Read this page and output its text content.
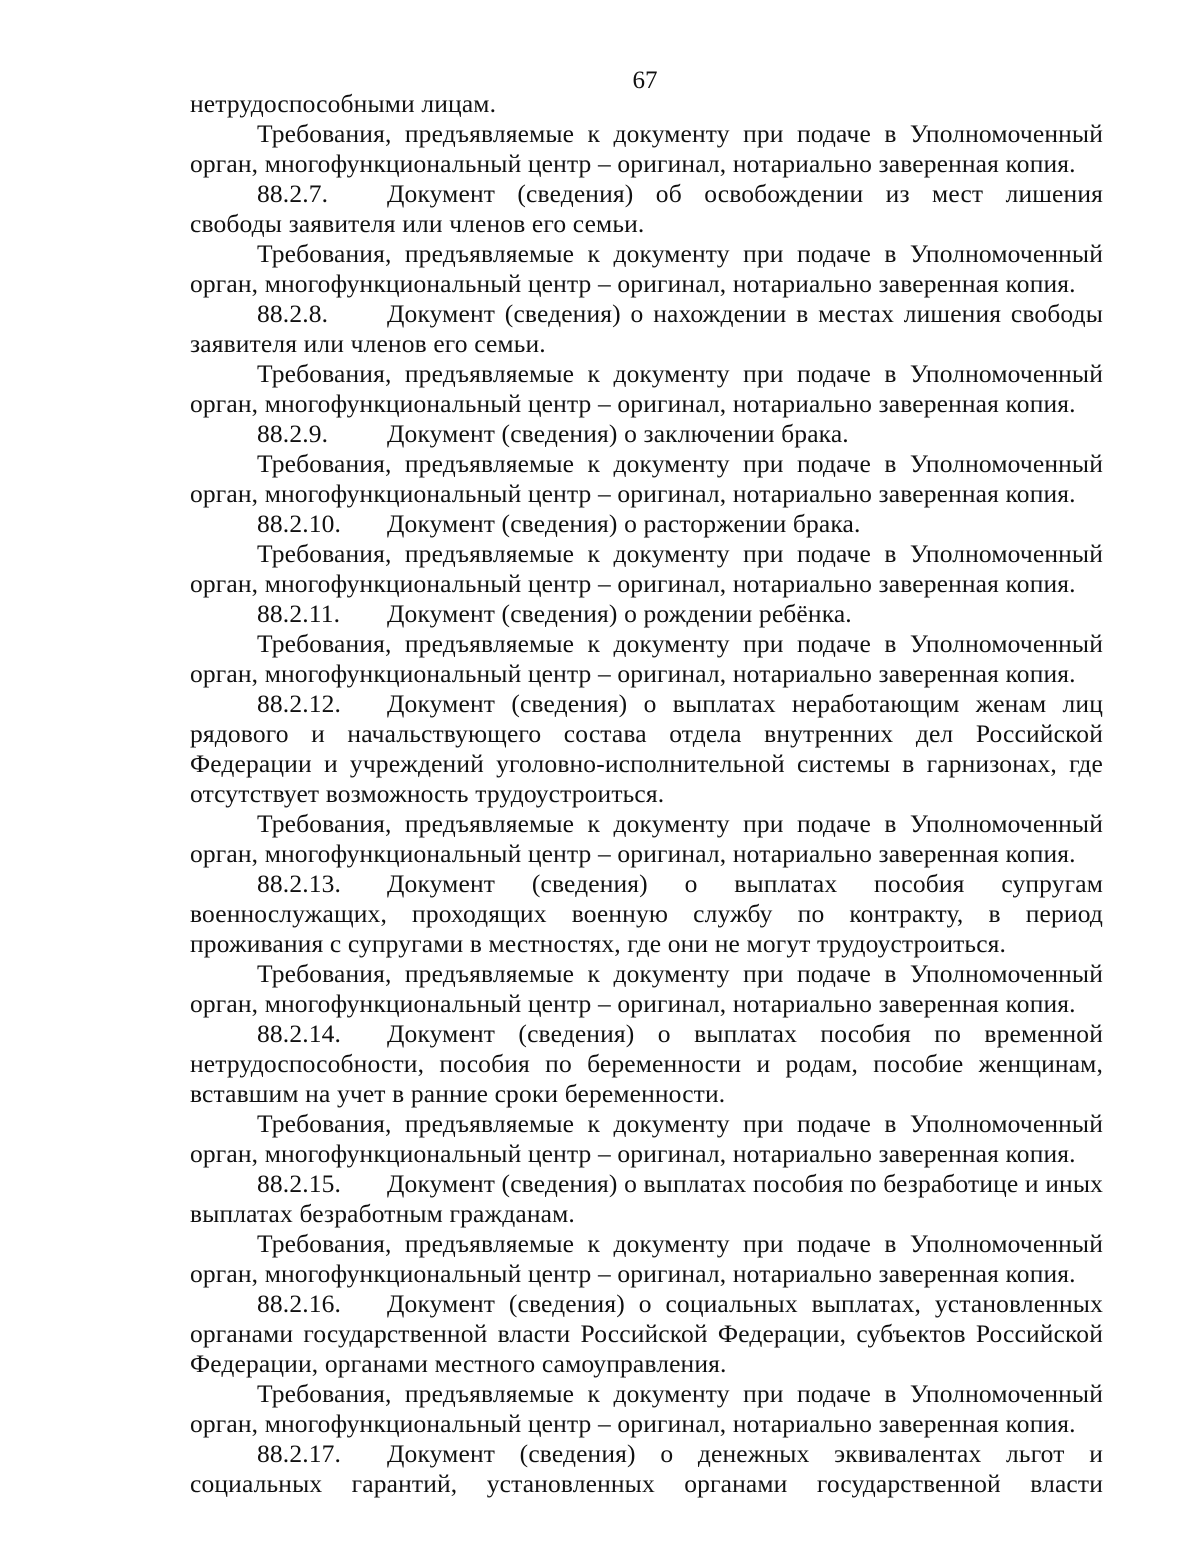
67

нетрудоспособными лицам.

Требования, предъявляемые к документу при подаче в Уполномоченный орган, многофункциональный центр – оригинал, нотариально заверенная копия.

88.2.7. Документ (сведения) об освобождении из мест лишения свободы заявителя или членов его семьи.

Требования, предъявляемые к документу при подаче в Уполномоченный орган, многофункциональный центр – оригинал, нотариально заверенная копия.

88.2.8. Документ (сведения) о нахождении в местах лишения свободы заявителя или членов его семьи.

Требования, предъявляемые к документу при подаче в Уполномоченный орган, многофункциональный центр – оригинал, нотариально заверенная копия.

88.2.9. Документ (сведения) о заключении брака.

Требования, предъявляемые к документу при подаче в Уполномоченный орган, многофункциональный центр – оригинал, нотариально заверенная копия.

88.2.10. Документ (сведения) о расторжении брака.

Требования, предъявляемые к документу при подаче в Уполномоченный орган, многофункциональный центр – оригинал, нотариально заверенная копия.

88.2.11. Документ (сведения) о рождении ребёнка.

Требования, предъявляемые к документу при подаче в Уполномоченный орган, многофункциональный центр – оригинал, нотариально заверенная копия.

88.2.12. Документ (сведения) о выплатах неработающим женам лиц рядового и начальствующего состава отдела внутренних дел Российской Федерации и учреждений уголовно-исполнительной системы в гарнизонах, где отсутствует возможность трудоустроиться.

Требования, предъявляемые к документу при подаче в Уполномоченный орган, многофункциональный центр – оригинал, нотариально заверенная копия.

88.2.13. Документ (сведения) о выплатах пособия супругам военнослужащих, проходящих военную службу по контракту, в период проживания с супругами в местностях, где они не могут трудоустроиться.

Требования, предъявляемые к документу при подаче в Уполномоченный орган, многофункциональный центр – оригинал, нотариально заверенная копия.

88.2.14. Документ (сведения) о выплатах пособия по временной нетрудоспособности, пособия по беременности и родам, пособие женщинам, вставшим на учет в ранние сроки беременности.

Требования, предъявляемые к документу при подаче в Уполномоченный орган, многофункциональный центр – оригинал, нотариально заверенная копия.

88.2.15. Документ (сведения) о выплатах пособия по безработице и иных выплатах безработным гражданам.

Требования, предъявляемые к документу при подаче в Уполномоченный орган, многофункциональный центр – оригинал, нотариально заверенная копия.

88.2.16. Документ (сведения) о социальных выплатах, установленных органами государственной власти Российской Федерации, субъектов Российской Федерации, органами местного самоуправления.

Требования, предъявляемые к документу при подаче в Уполномоченный орган, многофункциональный центр – оригинал, нотариально заверенная копия.

88.2.17. Документ (сведения) о денежных эквивалентах льгот и социальных гарантий, установленных органами государственной власти
